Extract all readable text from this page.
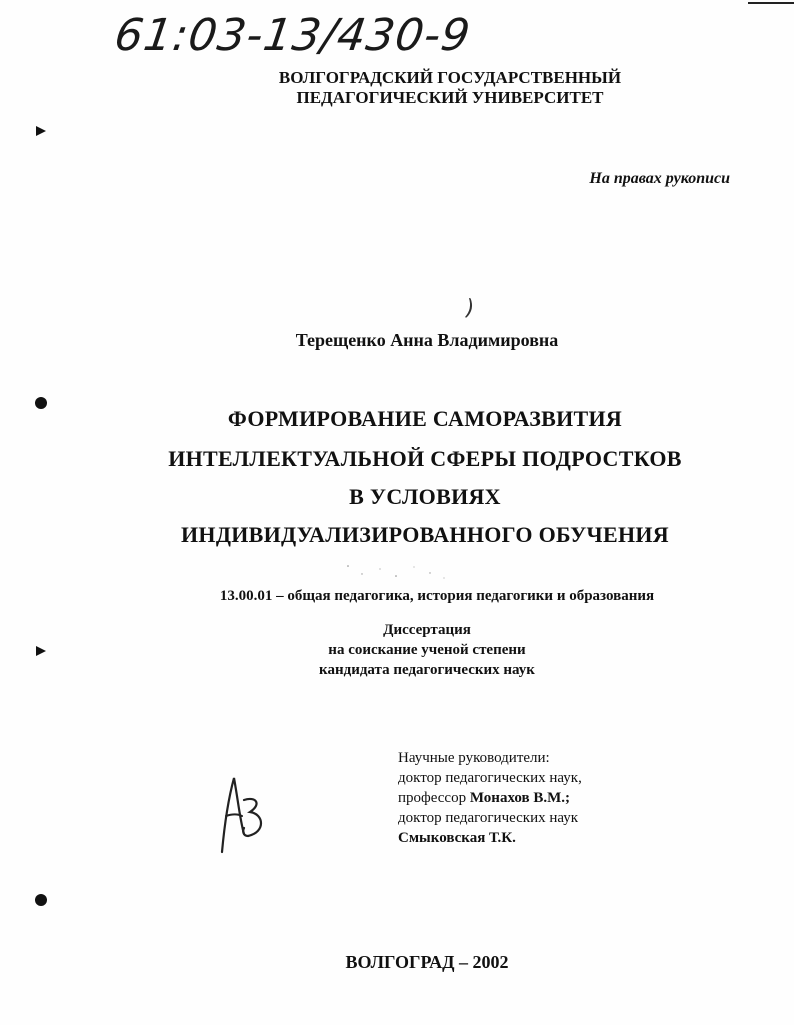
61:03-13/430-9
ВОЛГОГРАДСКИЙ ГОСУДАРСТВЕННЫЙ
ПЕДАГОГИЧЕСКИЙ УНИВЕРСИТЕТ
На правах рукописи
)
Терещенко Анна Владимировна
ФОРМИРОВАНИЕ САМОРАЗВИТИЯ
ИНТЕЛЛЕКТУАЛЬНОЙ СФЕРЫ ПОДРОСТКОВ
В УСЛОВИЯХ
ИНДИВИДУАЛИЗИРОВАННОГО ОБУЧЕНИЯ
13.00.01 – общая педагогика, история педагогики и образования
Диссертация
на соискание ученой степени
кандидата педагогических наук
Научные руководители:
доктор педагогических наук,
профессор Монахов В.М.;
доктор педагогических наук
Смыковская Т.К.
ВОЛГОГРАД – 2002
